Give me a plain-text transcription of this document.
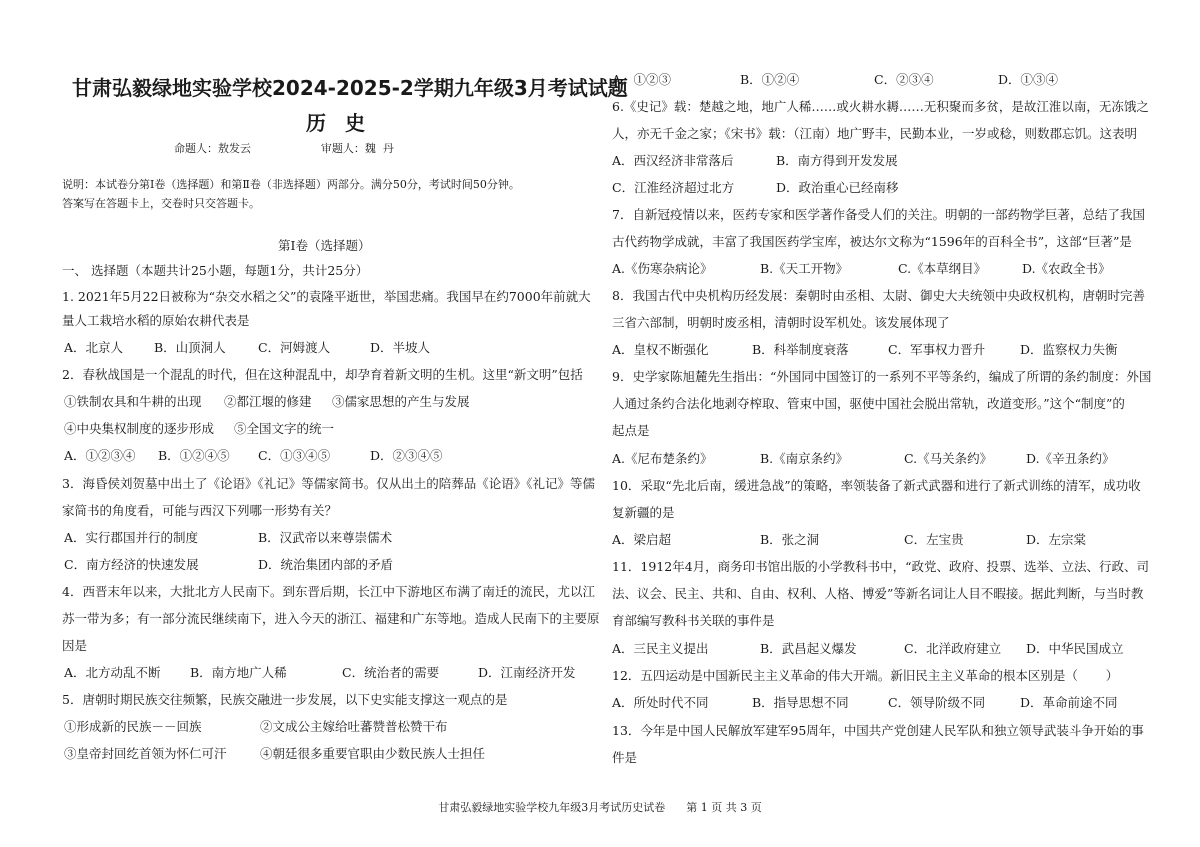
甘肃弘毅绿地实验学校2024-2025-2学期九年级3月考试试题
历 史
命题人：敖发云                    审题人：魏  丹
说明：本试卷分第Ⅰ卷（选择题）和第Ⅱ卷（非选择题）两部分。满分50分，考试时间50分钟。
答案写在答题卡上，交卷时只交答题卡。
第Ⅰ卷（选择题）
一、 选择题（本题共计25小题，每题1分，共计25分）
1. 2021年5月22日被称为“杂交水稻之父”的袁隆平逝世，举国悲痛。我国早在约7000年前就大
量人工栽培水稻的原始农耕代表是
A．北京人 B．山顶洞人	C．河姆渡人	D．半坡人
2．春秋战国是一个混乱的时代，但在这种混乱中，却孕育着新文明的生机。这里“新文明”包括
①铁制农具和牛耕的出现 ②都江堰的修建 ③儒家思想的产生与发展
④中央集权制度的逐步形成 ⑤全国文字的统一
A．①②③④ B．①②④⑤ C．①③④⑤	D．②③④⑤
3．海昏侯刘贺墓中出土了《论语》《礼记》等儒家简书。仅从出土的陪葬品《论语》《礼记》等儒
家简书的角度看，可能与西汉下列哪一形势有关？
A．实行郡国并行的制度	B．汉武帝以来尊崇儒术
C．南方经济的快速发展	D．统治集团内部的矛盾
4．西晋末年以来，大批北方人民南下。到东晋后期，长江中下游地区布满了南迁的流民，尤以江
苏一带为多；有一部分流民继续南下，进入今天的浙江、福建和广东等地。造成人民南下的主要原
因是
A．北方动乱不断 B．南方地广人稀	C．统治者的需要	D．江南经济开发
5．唐朝时期民族交往频繁，民族交融进一步发展，以下史实能支撑这一观点的是
①形成新的民族－－回族	②文成公主嫁给吐蕃赞普松赞干布
③皇帝封回纥首领为怀仁可汗	④朝廷很多重要官职由少数民族人士担任
A．①②③	B．①②④	C．②③④	D．①③④
6.《史记》载：楚越之地，地广人稀……或火耕水耨……无积聚而多贫，是故江淮以南，无冻饿之
人，亦无千金之家；《宋书》载：（江南）地广野丰，民勤本业，一岁或稔，则数郡忘饥。这表明
A．西汉经济非常落后	B．南方得到开发发展
C．江淮经济超过北方	D．政治重心已经南移
7．自新冠疫情以来，医药专家和医学著作备受人们的关注。明朝的一部药物学巨著，总结了我国
古代药物学成就，丰富了我国医药学宝库，被达尔文称为“1596年的百科全书”，这部“巨著”是
A.《伤寒杂病论》	B.《天工开物》	C.《本草纲目》	D.《农政全书》
8．我国古代中央机构历经发展：秦朝时由丞相、太尉、御史大夫统领中央政权机构，唐朝时完善
三省六部制，明朝时废丞相，清朝时设军机处。该发展体现了
A．皇权不断强化	B．科举制度衰落	C．军事权力晋升	D．监察权力失衡
9．史学家陈旭麓先生指出：“外国同中国签订的一系列不平等条约，编成了所谓的条约制度：外国
人通过条约合法化地剥夺榨取、管束中国，驱使中国社会脱出常轨，改道变形。”这个“制度”的
起点是
A.《尼布楚条约》	B.《南京条约》	C.《马关条约》	D.《辛丑条约》
10．采取“先北后南，缓进急战”的策略，率领装备了新式武器和进行了新式训练的清军，成功收
复新疆的是
A．梁启超	B．张之洞	C．左宝贵	D．左宗棠
11．1912年4月，商务印书馆出版的小学教科书中，“政党、政府、投票、选举、立法、行政、司
法、议会、民主、共和、自由、权利、人格、博爱”等新名词让人目不暇接。据此判断，与当时教
育部编写教科书关联的事件是
A．三民主义提出	B．武昌起义爆发	C．北洋政府建立 D．中华民国成立
12．五四运动是中国新民主主义革命的伟大开端。新旧民主主义革命的根本区别是（       ）
A．所处时代不同	B．指导思想不同	C．领导阶级不同	D．革命前途不同
13．今年是中国人民解放军建军95周年，中国共产党创建人民军队和独立领导武装斗争开始的事
件是
甘肃弘毅绿地实验学校九年级3月考试历史试卷      第 1 页 共 3 页
